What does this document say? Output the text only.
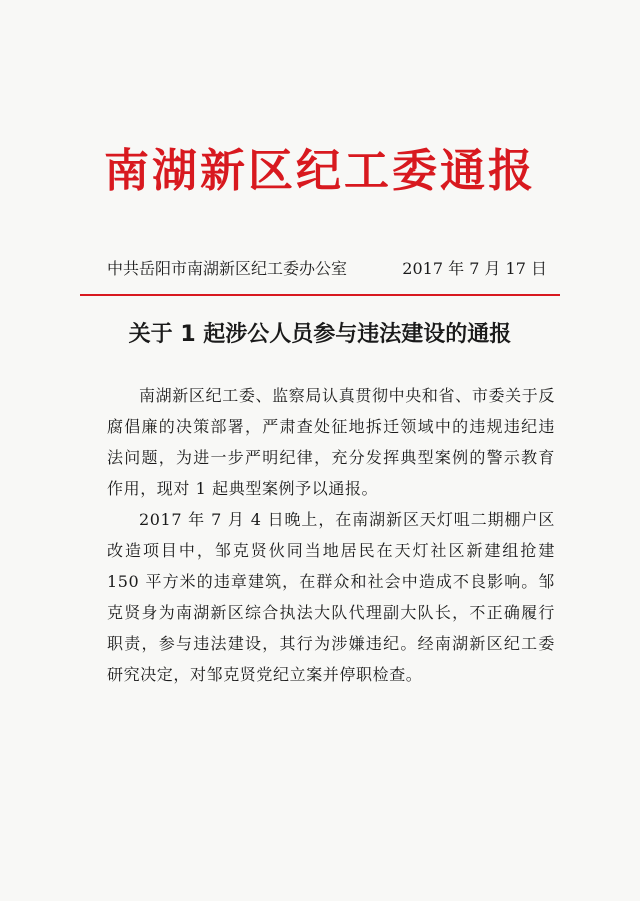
南湖新区纪工委通报
中共岳阳市南湖新区纪工委办公室	2017 年 7 月 17 日
关于 1 起涉公人员参与违法建设的通报

南湖新区纪工委、监察局认真贯彻中央和省、市委关于反腐倡廉的决策部署，严肃查处征地拆迁领域中的违规违纪违法问题，为进一步严明纪律，充分发挥典型案例的警示教育作用，现对 1 起典型案例予以通报。

2017 年 7 月 4 日晚上，在南湖新区天灯咀二期棚户区改造项目中，邹克贤伙同当地居民在天灯社区新建组抢建 150 平方米的违章建筑，在群众和社会中造成不良影响。邹克贤身为南湖新区综合执法大队代理副大队长，不正确履行职责，参与违法建设，其行为涉嫌违纪。经南湖新区纪工委研究决定，对邹克贤党纪立案并停职检查。
